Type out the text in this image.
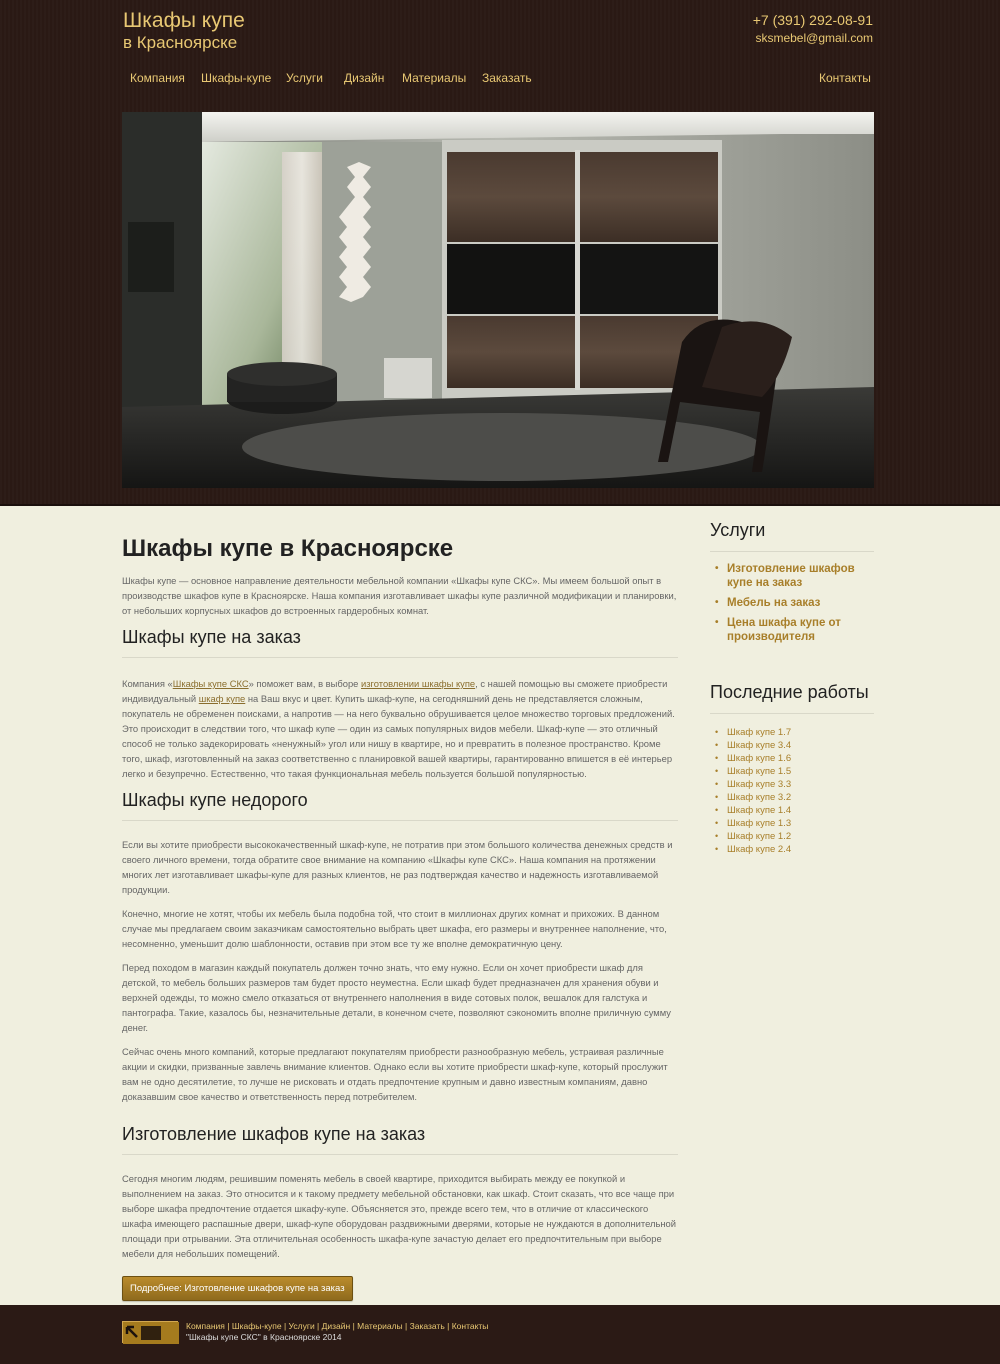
Шкафы купе
в Красноярске
+7 (391) 292-08-91
sksmebel@gmail.com
Компания Шкафы-купе Услуги Дизайн Материалы Заказать	Контакты
Шкафы купе в Красноярске

Шкафы купе — основное направление деятельности мебельной компании «Шкафы купе СКС». Мы имеем большой опыт в производстве шкафов купе в Красноярске. Наша компания изготавливает шкафы купе различной модификации и планировки, от небольших корпусных шкафов до встроенных гардеробных комнат.

Шкафы купе на заказ

Компания «Шкафы купе СКС» поможет вам, в выборе изготовлении шкафы купе, с нашей помощью вы сможете приобрести индивидуальный шкаф купе на Ваш вкус и цвет. Купить шкаф-купе, на сегодняшний день не представляется сложным, покупатель не обременен поисками, а напротив — на него буквально обрушивается целое множество торговых предложений. Это происходит в следствии того, что шкаф купе — один из самых популярных видов мебели. Шкаф-купе — это отличный способ не только задекорировать «ненужный» угол или нишу в квартире, но и превратить в полезное пространство. Кроме того, шкаф, изготовленный на заказ соответственно с планировкой вашей квартиры, гарантированно впишется в её интерьер легко и безупречно. Естественно, что такая функциональная мебель пользуется большой популярностью.

Шкафы купе недорого

Если вы хотите приобрести высококачественный шкаф-купе, не потратив при этом большого количества денежных средств и своего личного времени, тогда обратите свое внимание на компанию «Шкафы купе СКС». Наша компания на протяжении многих лет изготавливает шкафы-купе для разных клиентов, не раз подтверждая качество и надежность изготавливаемой продукции.

Конечно, многие не хотят, чтобы их мебель была подобна той, что стоит в миллионах других комнат и прихожих. В данном случае мы предлагаем своим заказчикам самостоятельно выбрать цвет шкафа, его размеры и внутреннее наполнение, что, несомненно, уменьшит долю шаблонности, оставив при этом все ту же вполне демократичную цену.

Перед походом в магазин каждый покупатель должен точно знать, что ему нужно. Если он хочет приобрести шкаф для детской, то мебель больших размеров там будет просто неуместна. Если шкаф будет предназначен для хранения обуви и верхней одежды, то можно смело отказаться от внутреннего наполнения в виде сотовых полок, вешалок для галстука и пантографа. Такие, казалось бы, незначительные детали, в конечном счете, позволяют сэкономить вполне приличную сумму денег.

Сейчас очень много компаний, которые предлагают покупателям приобрести разнообразную мебель, устраивая различные акции и скидки, призванные завлечь внимание клиентов. Однако если вы хотите приобрести шкаф-купе, который прослужит вам не одно десятилетие, то лучше не рисковать и отдать предпочтение крупным и давно известным компаниям, давно доказавшим свое качество и ответственность перед потребителем.

Изготовление шкафов купе на заказ

Сегодня многим людям, решившим поменять мебель в своей квартире, приходится выбирать между ее покупкой и выполнением на заказ. Это относится и к такому предмету мебельной обстановки, как шкаф. Стоит сказать, что все чаще при выборе шкафа предпочтение отдается шкафу-купе. Объясняется это, прежде всего тем, что в отличие от классического шкафа имеющего распашные двери, шкаф-купе оборудован раздвижными дверями, которые не нуждаются в дополнительной площади при отрывании. Эта отличительная особенность шкафа-купе зачастую делает его предпочтительным при выборе мебели для небольших помещений.

Подробнее: Изготовление шкафов купе на заказ
Услуги
• Изготовление шкафов купе на заказ
• Мебель на заказ
• Цена шкафа купе от производителя
Последние работы
• Шкаф купе 1.7
• Шкаф купе 3.4
• Шкаф купе 1.6
• Шкаф купе 1.5
• Шкаф купе 3.3
• Шкаф купе 3.2
• Шкаф купе 1.4
• Шкаф купе 1.3
• Шкаф купе 1.2
• Шкаф купе 2.4
Компания | Шкафы-купе | Услуги | Дизайн | Материалы | Заказать | Контакты
"Шкафы купе СКС" в Красноярске 2014
